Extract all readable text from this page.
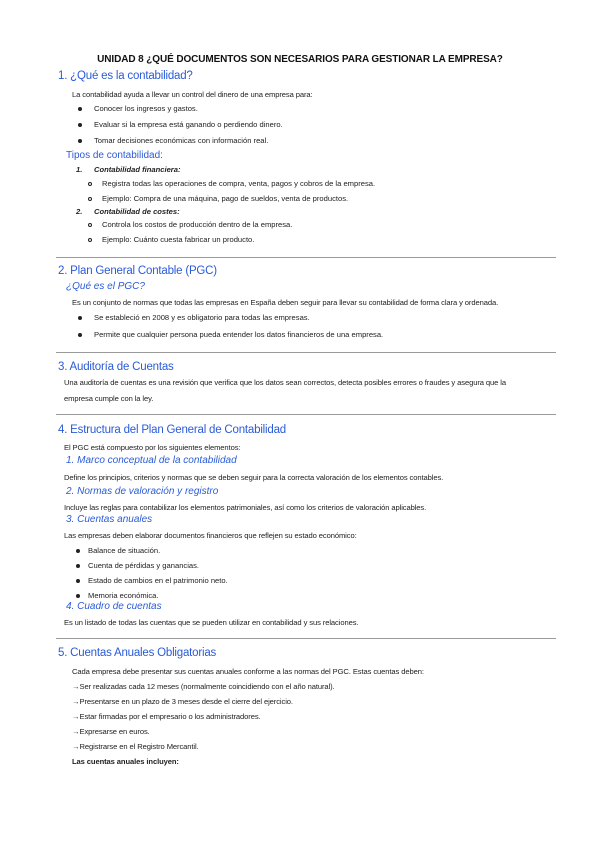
UNIDAD 8 ¿QUÉ DOCUMENTOS SON NECESARIOS PARA GESTIONAR LA EMPRESA?
1. ¿Qué es la contabilidad?
La contabilidad ayuda a llevar un control del dinero de una empresa para:
Conocer los ingresos y gastos.
Evaluar si la empresa está ganando o perdiendo dinero.
Tomar decisiones económicas con información real.
Tipos de contabilidad:
1. Contabilidad financiera:
Registra todas las operaciones de compra, venta, pagos y cobros de la empresa.
Ejemplo: Compra de una máquina, pago de sueldos, venta de productos.
2. Contabilidad de costes:
Controla los costos de producción dentro de la empresa.
Ejemplo: Cuánto cuesta fabricar un producto.
2. Plan General Contable (PGC)
¿Qué es el PGC?
Es un conjunto de normas que todas las empresas en España deben seguir para llevar su contabilidad de forma clara y ordenada.
Se estableció en 2008 y es obligatorio para todas las empresas.
Permite que cualquier persona pueda entender los datos financieros de una empresa.
3. Auditoría de Cuentas
Una auditoría de cuentas es una revisión que verifica que los datos sean correctos, detecta posibles errores o fraudes y asegura que la
empresa cumple con la ley.
4. Estructura del Plan General de Contabilidad
El PGC está compuesto por los siguientes elementos:
1. Marco conceptual de la contabilidad
Define los principios, criterios y normas que se deben seguir para la correcta valoración de los elementos contables.
2. Normas de valoración y registro
Incluye las reglas para contabilizar los elementos patrimoniales, así como los criterios de valoración aplicables.
3. Cuentas anuales
Las empresas deben elaborar documentos financieros que reflejen su estado económico:
Balance de situación.
Cuenta de pérdidas y ganancias.
Estado de cambios en el patrimonio neto.
Memoria económica.
4. Cuadro de cuentas
Es un listado de todas las cuentas que se pueden utilizar en contabilidad y sus relaciones.
5. Cuentas Anuales Obligatorias
Cada empresa debe presentar sus cuentas anuales conforme a las normas del PGC. Estas cuentas deben:
→Ser realizadas cada 12 meses (normalmente coincidiendo con el año natural).
→Presentarse en un plazo de 3 meses desde el cierre del ejercicio.
→Estar firmadas por el empresario o los administradores.
→Expresarse en euros.
→Registrarse en el Registro Mercantil.
Las cuentas anuales incluyen:
